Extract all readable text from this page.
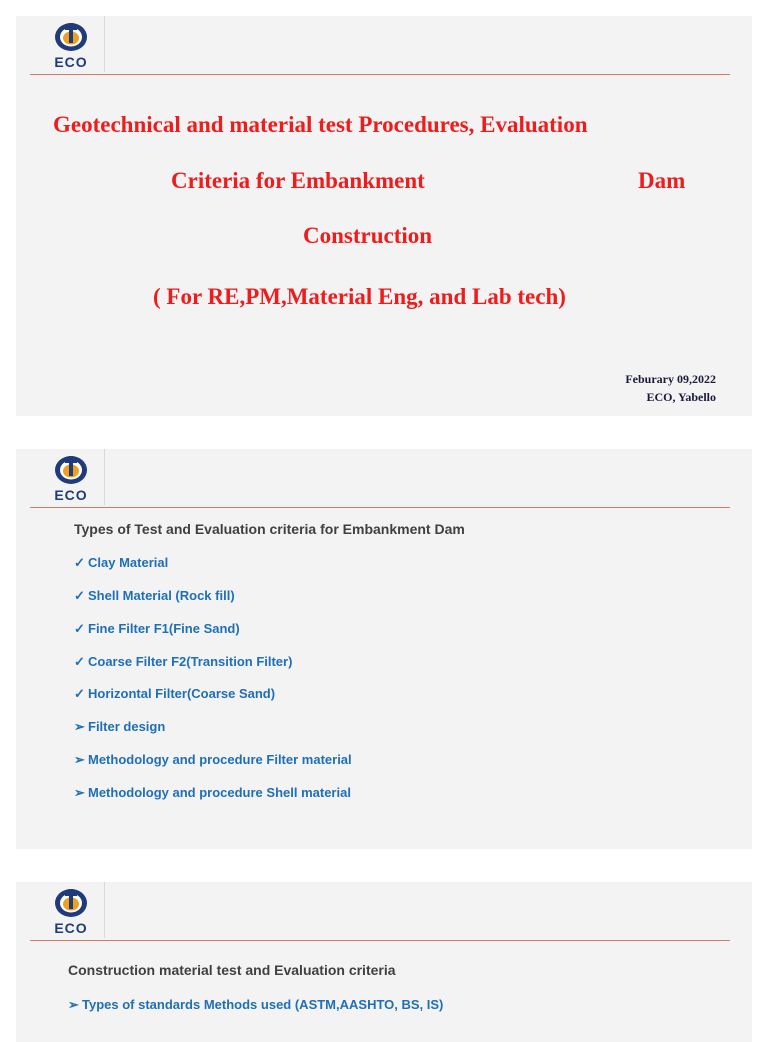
ECO
Geotechnical and material test Procedures, Evaluation
Criteria for Embankment	Dam
Construction
( For RE,PM,Material Eng, and Lab tech)
Feburary 09,2022
ECO, Yabello
ECO
Types of Test and Evaluation criteria for Embankment Dam
✓ Clay Material
✓ Shell Material (Rock fill)
✓ Fine Filter F1(Fine Sand)
✓ Coarse Filter F2(Transition Filter)
✓ Horizontal Filter(Coarse Sand)
➢ Filter design
➢ Methodology and procedure Filter material
➢ Methodology and procedure Shell material
ECO
Construction material test and Evaluation criteria
➢ Types of standards Methods used (ASTM,AASHTO, BS, IS)
